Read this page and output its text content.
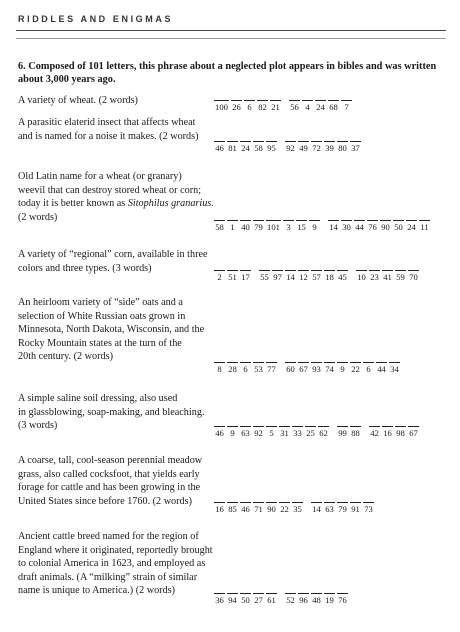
RIDDLES AND ENIGMAS
6. Composed of 101 letters, this phrase about a neglected plot appears in bibles and was written about 3,000 years ago.
A variety of wheat. (2 words)
100 26 6 82 21 56 4 24 68 7
A parasitic elaterid insect that affects wheat
and is named for a noise it makes. (2 words)
46 81 24 58 95 92 49 72 39 80 37
Old Latin name for a wheat (or granary)
weevil that can destroy stored wheat or corn;
today it is better known as Sitophilus granarius.
(2 words)
58 1 40 79 101 3 15 9 14 30 44 76 90 50 24 11
A variety of “regional” corn, available in three
colors and three types. (3 words)
2 51 17 55 97 14 12 57 18 45 10 23 41 59 70
An heirloom variety of “side” oats and a
selection of White Russian oats grown in
Minnesota, North Dakota, Wisconsin, and the
Rocky Mountain states at the turn of the
20th century. (2 words)
8 28 6 53 77 60 67 93 74 9 22 6 44 34
A simple saline soil dressing, also used
in glassblowing, soap-making, and bleaching.
(3 words)
46 9 63 92 5 31 33 25 62 99 88 42 16 98 67
A coarse, tall, cool-season perennial meadow
grass, also called cocksfoot, that yields early
forage for cattle and has been growing in the
United States since before 1760. (2 words)
16 85 46 71 90 22 35 14 63 79 91 73
Ancient cattle breed named for the region of
England where it originated, reportedly brought
to colonial America in 1623, and employed as
draft animals. (A “milking” strain of similar
name is unique to America.) (2 words)
36 94 50 27 61 52 96 48 19 76
